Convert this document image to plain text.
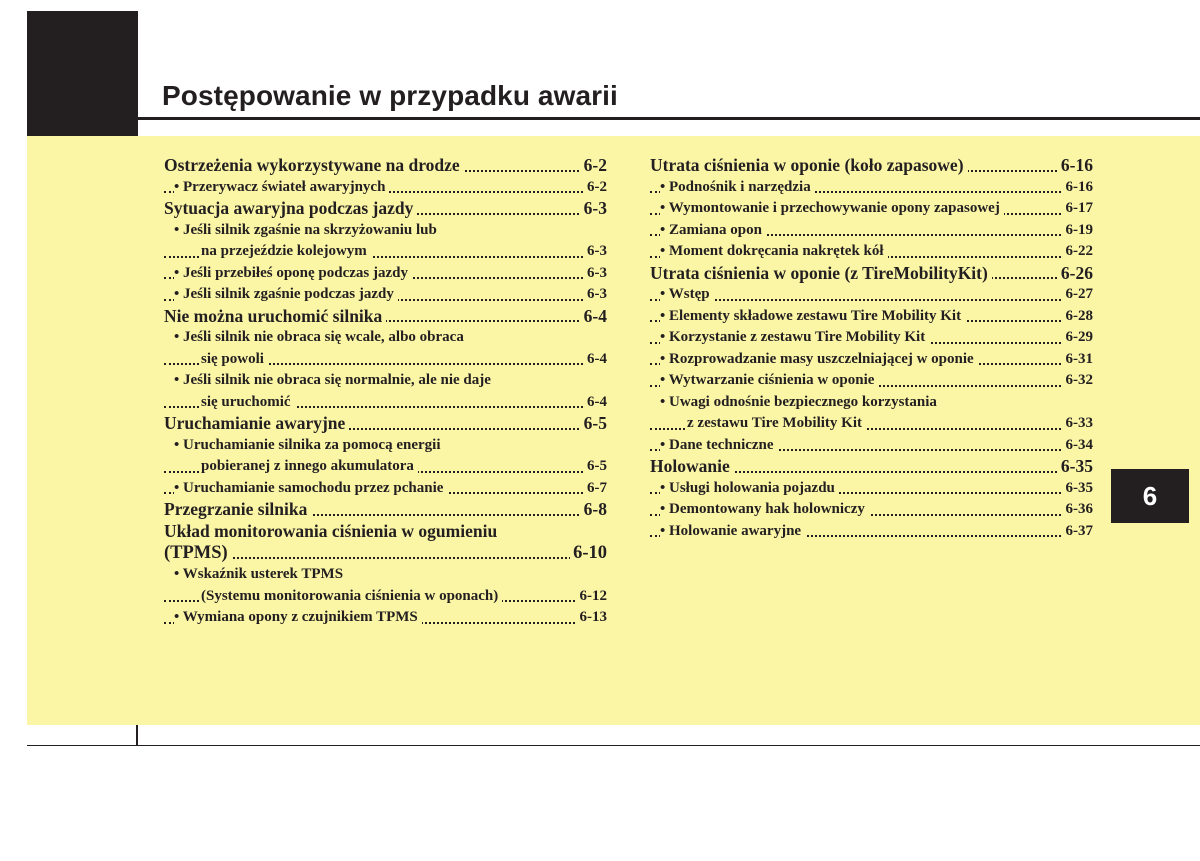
Postępowanie w przypadku awarii
6
Ostrzeżenia wykorzystywane na drodze	6-2
• Przerywacz świateł awaryjnych	6-2
Sytuacja awaryjna podczas jazdy	6-3
• Jeśli silnik zgaśnie na skrzyżowaniu lub
na przejeździe kolejowym	6-3
• Jeśli przebiłeś oponę podczas jazdy	6-3
• Jeśli silnik zgaśnie podczas jazdy	6-3
Nie można uruchomić silnika	6-4
• Jeśli silnik nie obraca się wcale, albo obraca
się powoli	6-4
• Jeśli silnik nie obraca się normalnie, ale nie daje
się uruchomić	6-4
Uruchamianie awaryjne	6-5
• Uruchamianie silnika za pomocą energii
pobieranej z innego akumulatora	6-5
• Uruchamianie samochodu przez pchanie	6-7
Przegrzanie silnika	6-8
Układ monitorowania ciśnienia w ogumieniu
(TPMS)	6-10
• Wskaźnik usterek TPMS
(Systemu monitorowania ciśnienia w oponach)	6-12
• Wymiana opony z czujnikiem TPMS	6-13
Utrata ciśnienia w oponie (koło zapasowe)	6-16
• Podnośnik i narzędzia	6-16
• Wymontowanie i przechowywanie opony zapasowej	6-17
• Zamiana opon	6-19
• Moment dokręcania nakrętek kół	6-22
Utrata ciśnienia w oponie (z TireMobilityKit)	6-26
• Wstęp	6-27
• Elementy składowe zestawu Tire Mobility Kit	6-28
• Korzystanie z zestawu Tire Mobility Kit	6-29
• Rozprowadzanie masy uszczelniającej w oponie	6-31
• Wytwarzanie ciśnienia w oponie	6-32
• Uwagi odnośnie bezpiecznego korzystania
z zestawu Tire Mobility Kit	6-33
• Dane techniczne	6-34
Holowanie	6-35
• Usługi holowania pojazdu	6-35
• Demontowany hak holowniczy	6-36
• Holowanie awaryjne	6-37
